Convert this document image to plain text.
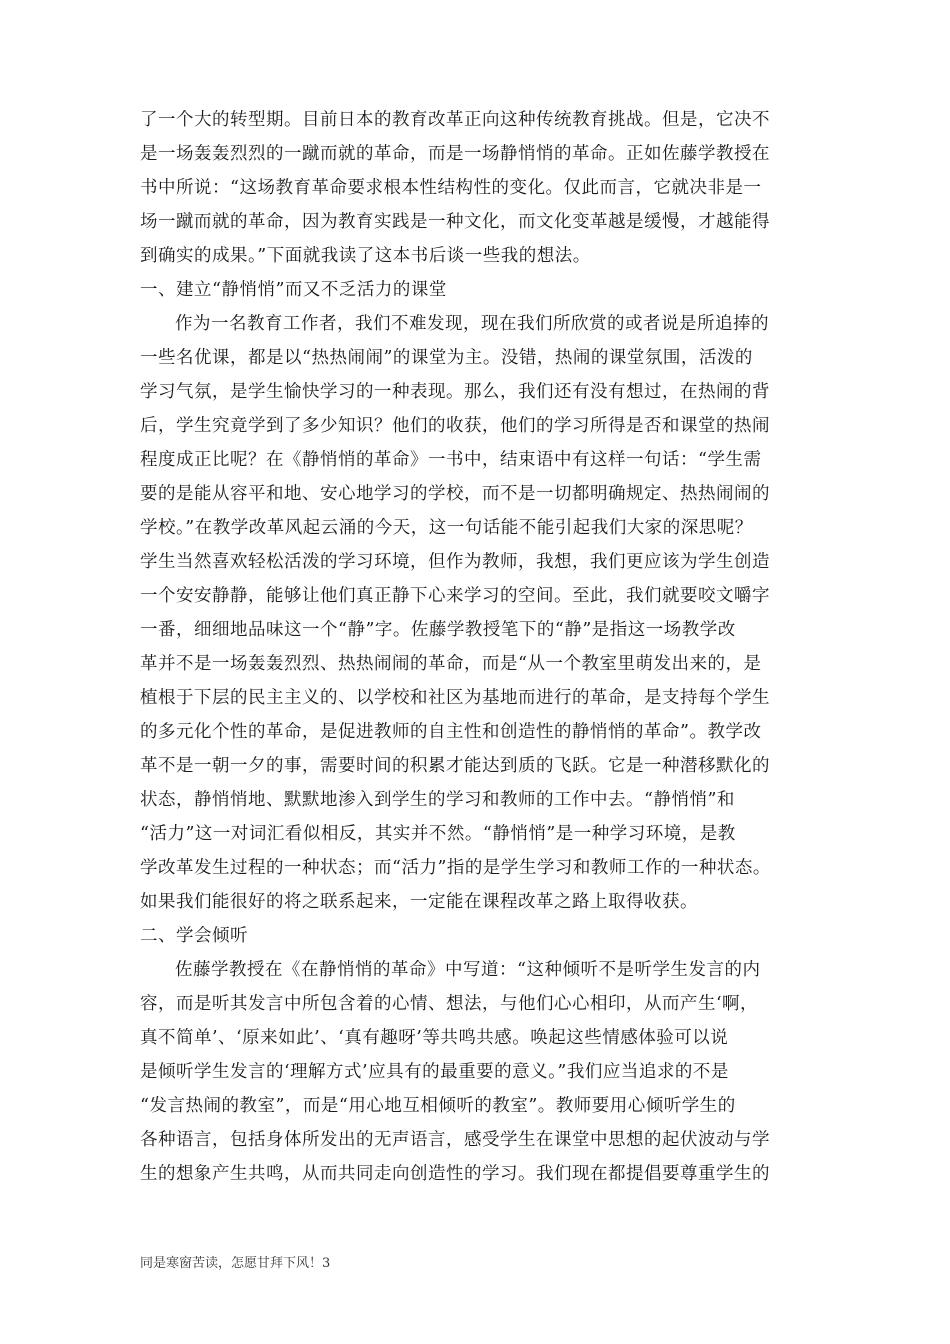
了一个大的转型期。目前日本的教育改革正向这种传统教育挑战。但是，它决不
是一场轰轰烈烈的一蹴而就的革命，而是一场静悄悄的革命。正如佐藤学教授在
书中所说：“这场教育革命要求根本性结构性的变化。仅此而言，它就决非是一
场一蹴而就的革命，因为教育实践是一种文化，而文化变革越是缓慢，才越能得
到确实的成果。”下面就我读了这本书后谈一些我的想法。
一、建立“静悄悄”而又不乏活力的课堂
作为一名教育工作者，我们不难发现，现在我们所欣赏的或者说是所追捧的
一些名优课，都是以“热热闹闹”的课堂为主。没错，热闹的课堂氛围，活泼的
学习气氛，是学生愉快学习的一种表现。那么，我们还有没有想过，在热闹的背
后，学生究竟学到了多少知识？他们的收获，他们的学习所得是否和课堂的热闹
程度成正比呢？在《静悄悄的革命》一书中，结束语中有这样一句话：“学生需
要的是能从容平和地、安心地学习的学校，而不是一切都明确规定、热热闹闹的
学校。”在教学改革风起云涌的今天，这一句话能不能引起我们大家的深思呢？
学生当然喜欢轻松活泼的学习环境，但作为教师，我想，我们更应该为学生创造
一个安安静静，能够让他们真正静下心来学习的空间。至此，我们就要咬文嚼字
一番，细细地品味这一个“静”字。佐藤学教授笔下的“静”是指这一场教学改
革并不是一场轰轰烈烈、热热闹闹的革命，而是“从一个教室里萌发出来的，是
植根于下层的民主主义的、以学校和社区为基地而进行的革命，是支持每个学生
的多元化个性的革命，是促进教师的自主性和创造性的静悄悄的革命”。教学改
革不是一朝一夕的事，需要时间的积累才能达到质的飞跃。它是一种潜移默化的
状态，静悄悄地、默默地渗入到学生的学习和教师的工作中去。“静悄悄”和
“活力”这一对词汇看似相反，其实并不然。“静悄悄”是一种学习环境，是教
学改革发生过程的一种状态；而“活力”指的是学生学习和教师工作的一种状态。
如果我们能很好的将之联系起来，一定能在课程改革之路上取得收获。
二、学会倾听
佐藤学教授在《在静悄悄的革命》中写道：“这种倾听不是听学生发言的内
容，而是听其发言中所包含着的心情、想法，与他们心心相印，从而产生‘啊，
真不简单’、‘原来如此’、‘真有趣呀’等共鸣共感。唤起这些情感体验可以说
是倾听学生发言的‘理解方式’应具有的最重要的意义。”我们应当追求的不是
“发言热闹的教室”，而是“用心地互相倾听的教室”。教师要用心倾听学生的
各种语言，包括身体所发出的无声语言，感受学生在课堂中思想的起伏波动与学
生的想象产生共鸣，从而共同走向创造性的学习。我们现在都提倡要尊重学生的
同是寒窗苦读，怎愿甘拜下风！3
